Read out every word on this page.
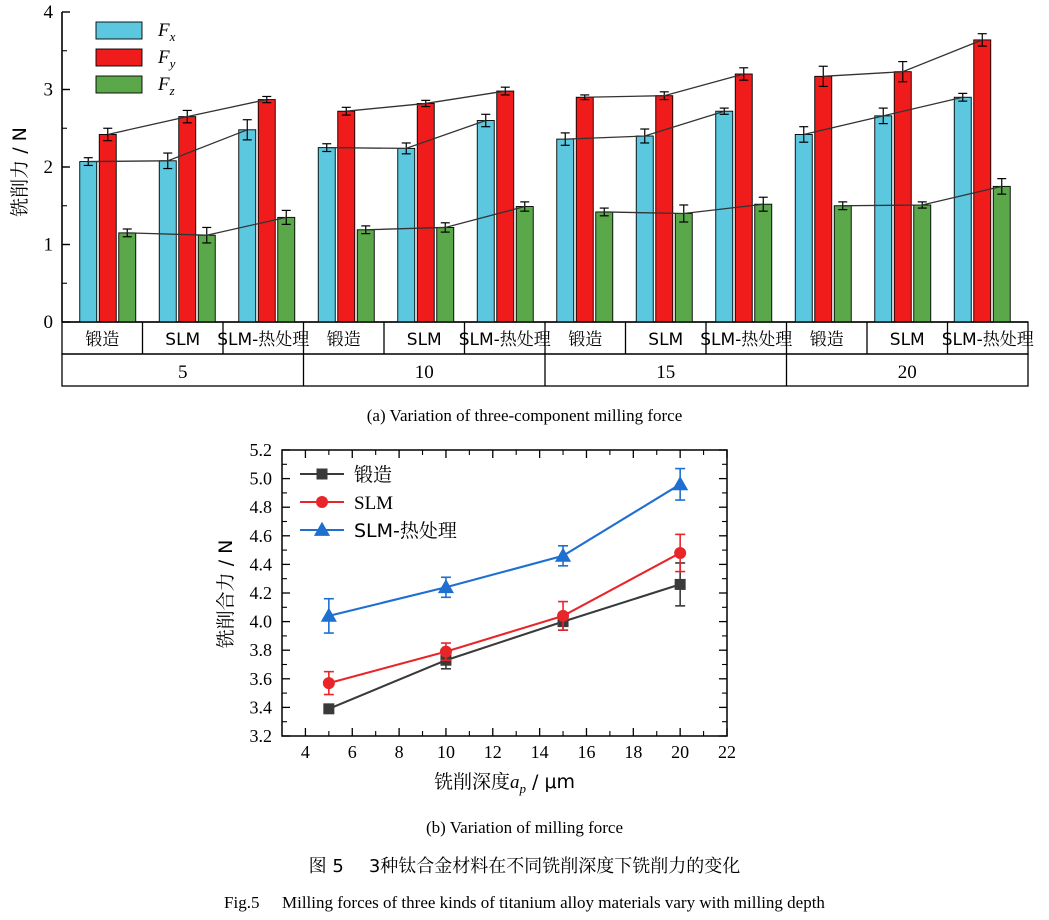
0
1
2
3
4
铣削力 / N
$F_x$
$F_y$
$F_z$
锻造	SLM SLM-热处理
5
锻造	SLM SLM-热处理
10
锻造	SLM SLM-热处理
15
锻造	SLM SLM-热处理
20
(a) Variation of three-component milling force
4 6 8 10 12 14 16 18 20 22
3.2
3.4
3.6
3.8
4.0
4.2
4.4
4.6
4.8
5.0
5.2
铣削合力 / N
铣削深度$a_p$ / μm
锻造
SLM
SLM-热处理
(b) Variation of milling force
图 5 3种钛合金材料在不同铣削深度下铣削力的变化
Fig.5 Milling forces of three kinds of titanium alloy materials vary with milling depth
